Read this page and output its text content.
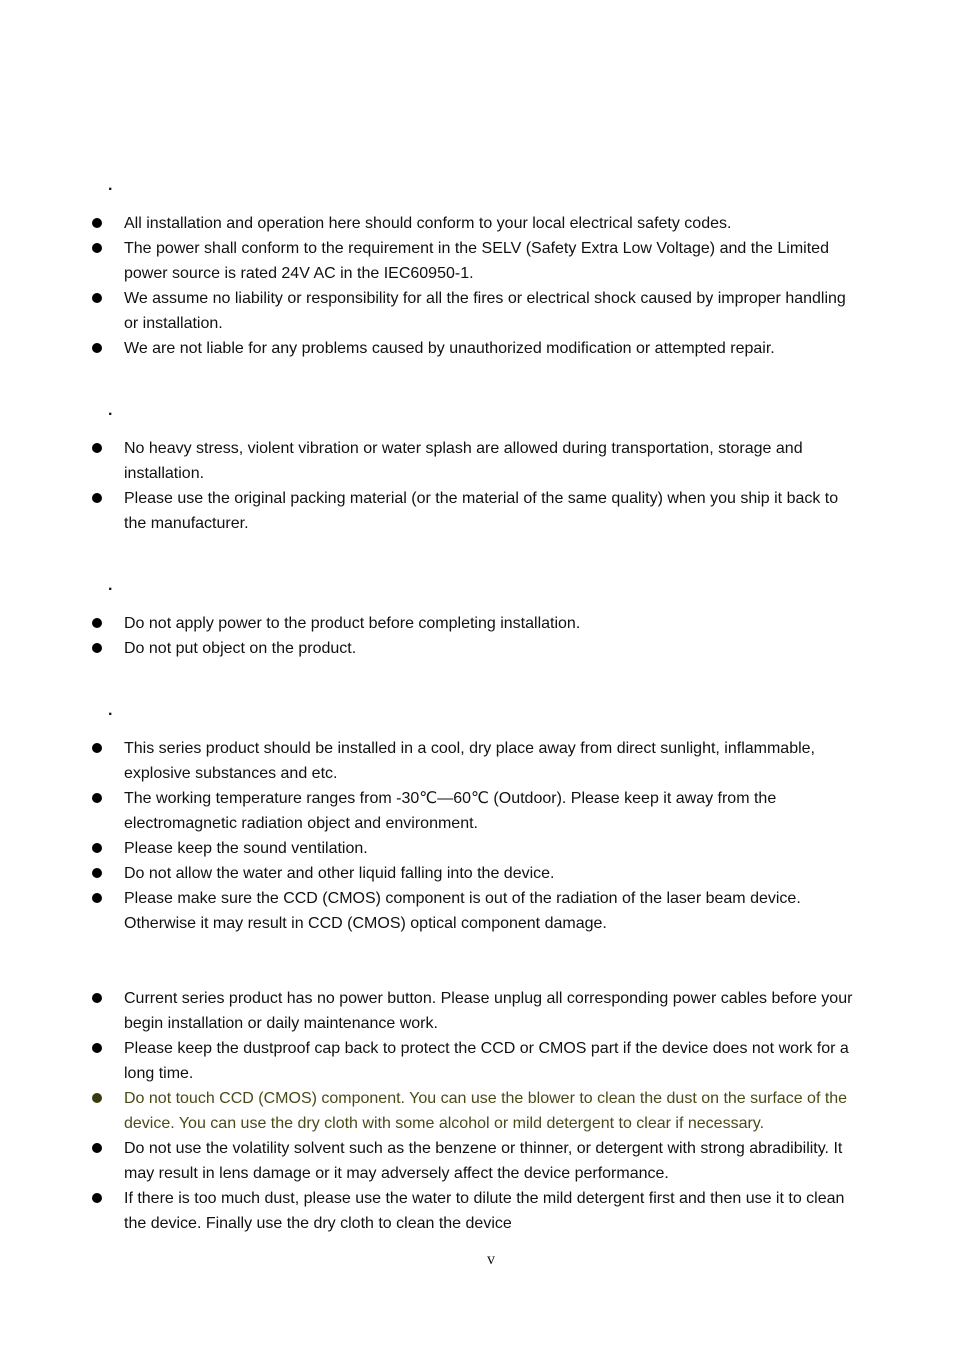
.
All installation and operation here should conform to your local electrical safety codes.
The power shall conform to the requirement in the SELV (Safety Extra Low Voltage) and the Limited power source is rated 24V AC in the IEC60950-1.
We assume no liability or responsibility for all the fires or electrical shock caused by improper handling or installation.
We are not liable for any problems caused by unauthorized modification or attempted repair.
.
No heavy stress, violent vibration or water splash are allowed during transportation, storage and installation.
Please use the original packing material (or the material of the same quality) when you ship it back to the manufacturer.
.
Do not apply power to the product before completing installation.
Do not put object on the product.
.
This series product should be installed in a cool, dry place away from direct sunlight, inflammable, explosive substances and etc.
The working temperature ranges from -30℃—60℃ (Outdoor). Please keep it away from the electromagnetic radiation object and environment.
Please keep the sound ventilation.
Do not allow the water and other liquid falling into the device.
Please make sure the CCD (CMOS) component is out of the radiation of the laser beam device. Otherwise it may result in CCD (CMOS) optical component damage.
Current series product has no power button. Please unplug all corresponding power cables before your begin installation or daily maintenance work.
Please keep the dustproof cap back to protect the CCD or CMOS part if the device does not work for a long time.
Do not touch CCD (CMOS) component. You can use the blower to clean the dust on the surface of the device. You can use the dry cloth with some alcohol or mild detergent to clear if necessary.
Do not use the volatility solvent such as the benzene or thinner, or detergent with strong abradibility. It may result in lens damage or it may adversely affect the device performance.
If there is too much dust, please use the water to dilute the mild detergent first and then use it to clean the device. Finally use the dry cloth to clean the device
v
